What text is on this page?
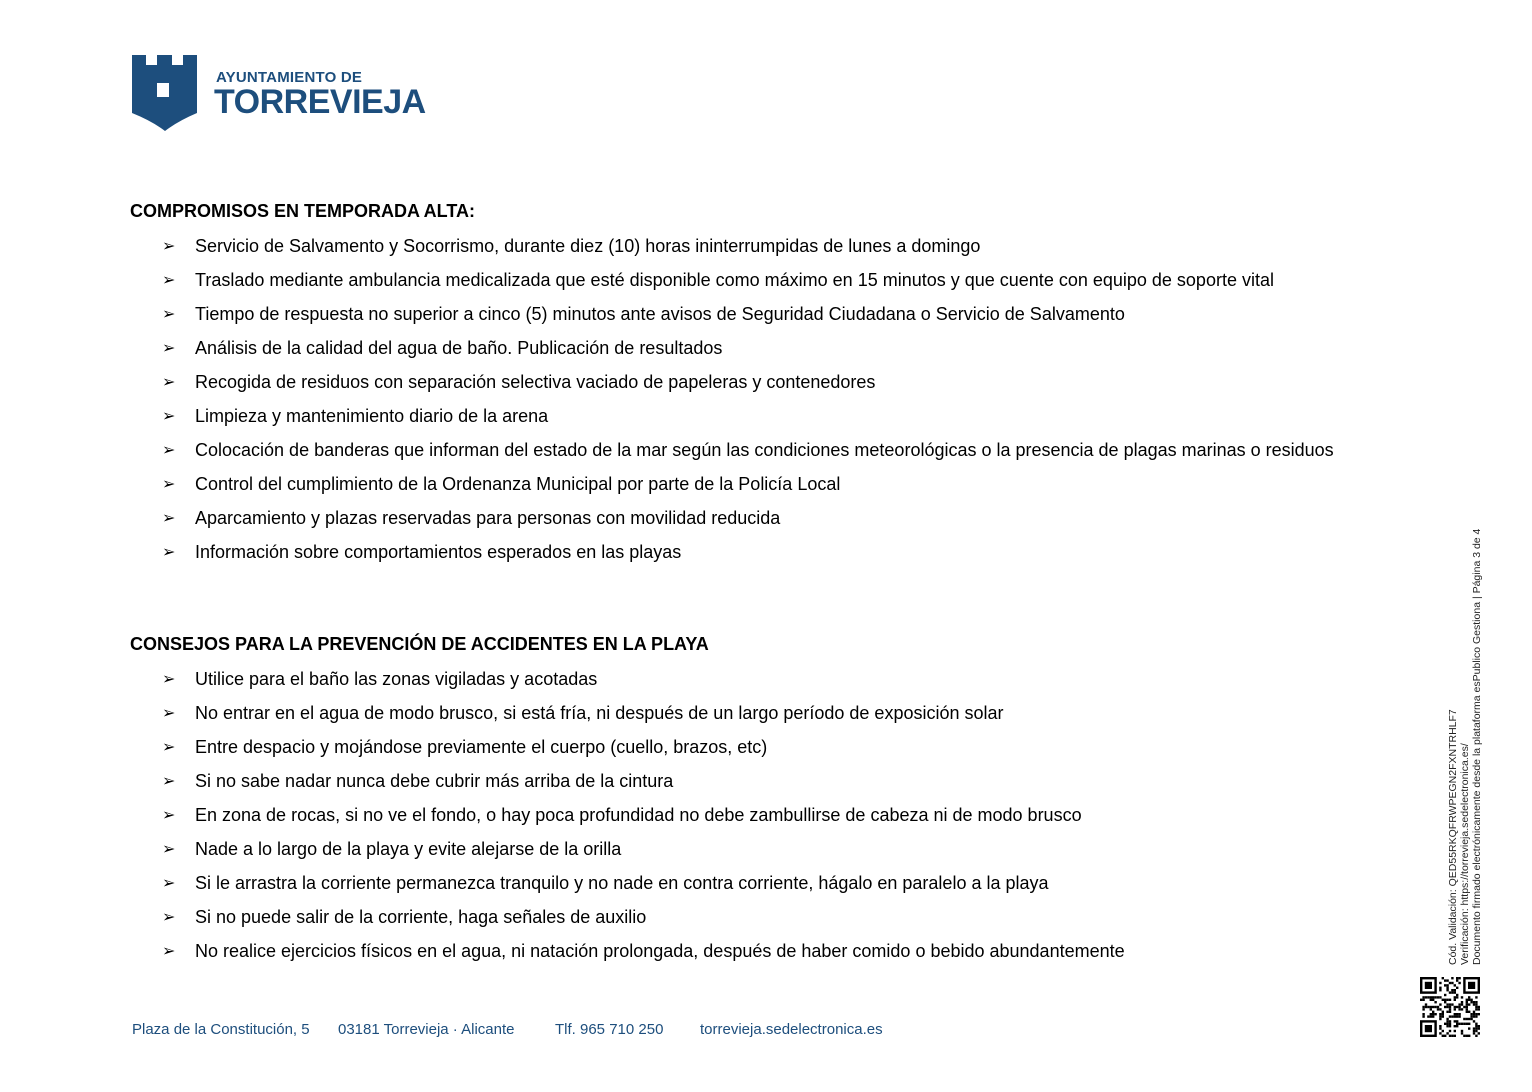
AYUNTAMIENTO DE
TORREVIEJA
COMPROMISOS EN TEMPORADA ALTA:
➢ Servicio de Salvamento y Socorrismo, durante diez (10) horas ininterrumpidas de lunes a domingo
➢ Traslado mediante ambulancia medicalizada que esté disponible como máximo en 15 minutos y que cuente con equipo de soporte vital
➢ Tiempo de respuesta no superior a cinco (5) minutos ante avisos de Seguridad Ciudadana o Servicio de Salvamento
➢ Análisis de la calidad del agua de baño. Publicación de resultados
➢ Recogida de residuos con separación selectiva vaciado de papeleras y contenedores
➢ Limpieza y mantenimiento diario de la arena
➢ Colocación de banderas que informan del estado de la mar según las condiciones meteorológicas o la presencia de plagas marinas o residuos
➢ Control del cumplimiento de la Ordenanza Municipal por parte de la Policía Local
➢ Aparcamiento y plazas reservadas para personas con movilidad reducida
➢ Información sobre comportamientos esperados en las playas
CONSEJOS PARA LA PREVENCIÓN DE ACCIDENTES EN LA PLAYA
➢ Utilice para el baño las zonas vigiladas y acotadas
➢ No entrar en el agua de modo brusco, si está fría, ni después de un largo período de exposición solar
➢ Entre despacio y mojándose previamente el cuerpo (cuello, brazos, etc)
➢ Si no sabe nadar nunca debe cubrir más arriba de la cintura
➢ En zona de rocas, si no ve el fondo, o hay poca profundidad no debe zambullirse de cabeza ni de modo brusco
➢ Nade a lo largo de la playa y evite alejarse de la orilla
➢ Si le arrastra la corriente permanezca tranquilo y no nade en contra corriente, hágalo en paralelo a la playa
➢ Si no puede salir de la corriente, haga señales de auxilio
➢ No realice ejercicios físicos en el agua, ni natación prolongada, después de haber comido o bebido abundantemente	Cód. Validación: QED55RKQFRWPEGN2FXNTRHLF7 Verificación: https://torrevieja.sedelectronica.es/ Documento firmado electrónicamente desde la plataforma esPublico Gestiona | Página 3 de 4
Plaza de la Constitución, 5 03181 Torrevieja · Alicante	Tlf. 965 710 250 torrevieja.sedelectronica.es
